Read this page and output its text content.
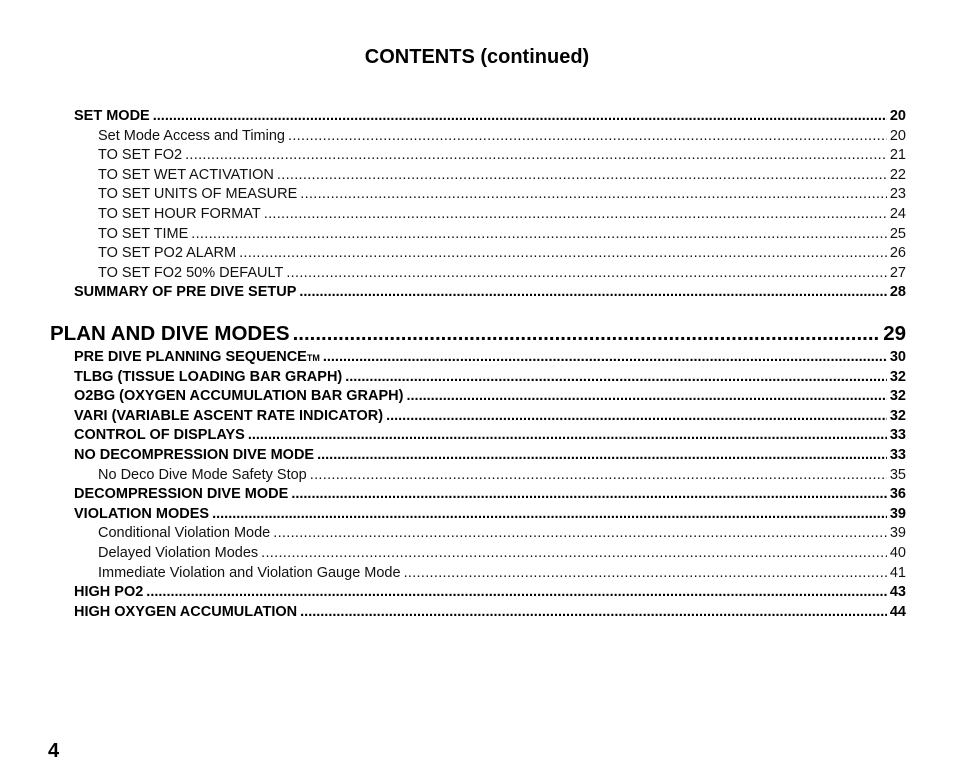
CONTENTS (continued)
SET MODE .....	20
Set Mode Access and Timing .....	20
TO SET FO2 .....	21
TO SET WET ACTIVATION .....	22
TO SET UNITS OF MEASURE .....	23
TO SET HOUR FORMAT .....	24
TO SET TIME .....	25
TO SET PO2 ALARM .....	26
TO SET FO2 50% DEFAULT .....	27
SUMMARY OF PRE DIVE SETUP .....	28
PLAN AND DIVE MODES .....	29
PRE DIVE PLANNING SEQUENCE TM .....	30
TLBG (TISSUE LOADING BAR GRAPH) .....	32
O2BG (OXYGEN ACCUMULATION BAR GRAPH) .....	32
VARI (VARIABLE ASCENT RATE INDICATOR) .....	32
CONTROL OF DISPLAYS .....	33
NO DECOMPRESSION DIVE MODE .....	33
No Deco Dive Mode Safety Stop .....	35
DECOMPRESSION DIVE MODE .....	36
VIOLATION MODES .....	39
Conditional Violation Mode .....	39
Delayed Violation Modes .....	40
Immediate Violation and Violation Gauge Mode .....	41
HIGH PO2 .....	43
HIGH OXYGEN ACCUMULATION .....	44

4
